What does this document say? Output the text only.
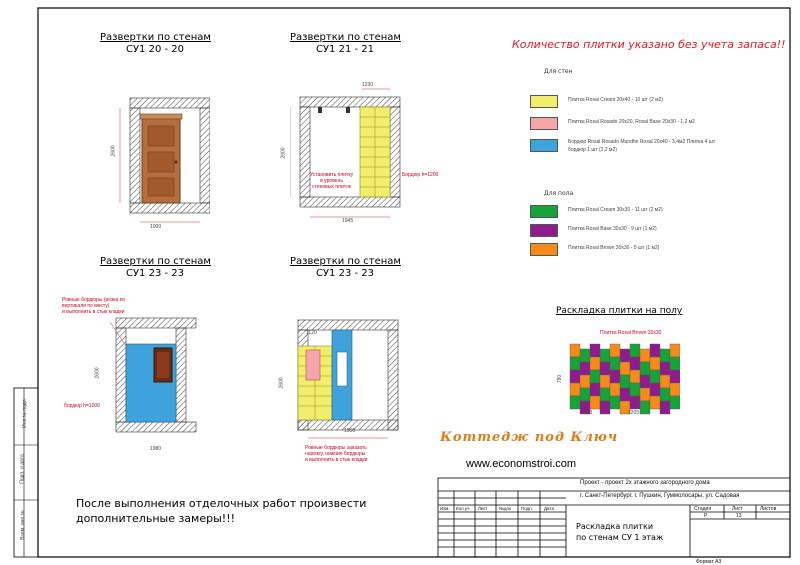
Инв.№ подл.
Подп. и дата
Взам. инв.№
Развертки по стенам
СУ1 20 - 20
2600
1000
Развертки по стенам
СУ1 21 - 21
1230
2600
1945
Установить плитку
в уровень
стеновых плиток
Бордюр h=1200
Развертки по стенам
СУ1 23 - 23
Ровные бордюры (резка по
вертикали по месту)
и выполнить в стык кладки
бордюр h=1000
2600
1980
Развертки по стенам
СУ1 23 - 23
1120
2600
1950
Ровные бордюры заказать
нарезку, нижние бордюры
и выполнить в стык кладки
Количество плитки указано без учета запаса!!
Для стен
Плитка Rosal Cream 20х40 - 10 шт (2 м2)
Плитка Rosal Rosado 20х20, Rosal Base 20х30 - 1,2 м2
Бордюр Rosal Rosado Mundhe Rosal 20х40 - 3,4м2 Плитка 4 шт
бордюр 1 шт (2,2 м2)
Для пола
Плитка Rosal Cream 30х30 - 11 шт (2 м2)
Плитка Rosal Base 30х30 - 9 шт (1 м2)
Плитка Rosal Brown 30х30 - 5 шт (1 м2)
Раскладка плитки на полу
Плитка Rosal Brown 30х30
600	1205
780
Коттедж под Ключ
www.economstroi.com
После выполнения отделочных работ произвести
дополнительные замеры!!!
Проект - проект 2х этажного загородного дома
г. Санкт-Петербург, г. Пушкин, Гуммолосары, ул. Садовая
Изм. Кол.уч Лист №док Подп. Дата
Раскладка плитки
по стенам СУ 1 этаж
Стадия	Лист	Листов
Р	13
Формат А3
